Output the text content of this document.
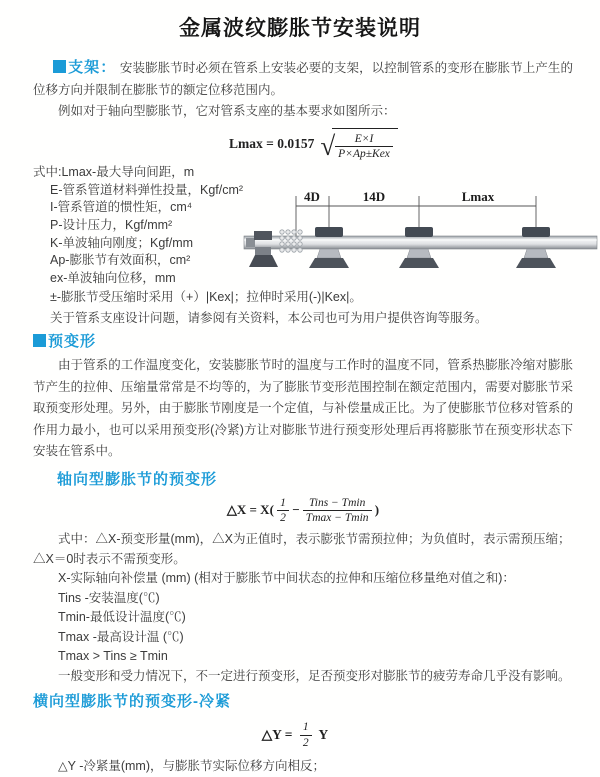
金属波纹膨胀节安装说明

支架： 安装膨胀节时必须在管系上安装必要的支架，以控制管系的变形在膨胀节上产生的位移方向并限制在膨胀节的额定位移范围内。

例如对于轴向型膨胀节，它对管系支座的基本要求如图所示：

Lmax = 0.0157 √ $\frac{E\times I}{\text{P×Ap±Kex}}$
式中:Lmax-最大导向间距，m
E-管系管道材料弹性投量，Kgf/cm²
I-管系管道的惯性矩，cm⁴
P-设计压力，Kgf/mm²
K-单波轴向刚度；Kgf/mm
Ap-膨胀节有效面积，cm²
ex-单波轴向位移，mm
±-膨胀节受压缩时采用（+）|Kex|；拉伸时采用(-)|Kex|。
关于管系支座设计问题，请参阅有关资料，本公司也可为用户提供咨询等服务。
4D	14D	Lmax
预变形

由于管系的工作温度变化，安装膨胀节时的温度与工作时的温度不同，管系热膨胀冷缩对膨胀节产生的拉伸、压缩量常常是不均等的，为了膨胀节变形范围控制在额定范围内，需要对膨胀节采取预变形处理。另外，由于膨胀节刚度是一个定值，与补偿量成正比。为了使膨胀节位移对管系的作用力最小，也可以采用预变形(冷紧)方让对膨胀节进行预变形处理后再将膨胀节在预变形状态下安装在管系中。

轴向型膨胀节的预变形
△X = $X( \frac{1}{2} - \frac{\text{Tins − Tmin}}{Tmax - Tmin}$ )

式中：△X-预变形量(mm)，△X为正值时，表示膨张节需预拉伸；为负值时，表示需预压缩；△X＝0时表示不需预变形。

X-实际轴向补偿量 (mm) (相对于膨胀节中间状态的拉伸和压缩位移量绝对值之和)：

Tins -安装温度(℃)

Tmin-最低设计温度(℃)

Tmax -最高设计温 (℃)

Tmax > Tins ≥ Tmin

一般变形和受力情况下，不一定进行预变形，足否预变形对膨胀节的疲劳寿命几乎没有影响。

横向型膨胀节的预变形-冷紧
△Y = $\frac{1}{2}$ Y

△Y -冷紧量(mm)，与膨胀节实际位移方向相反；
